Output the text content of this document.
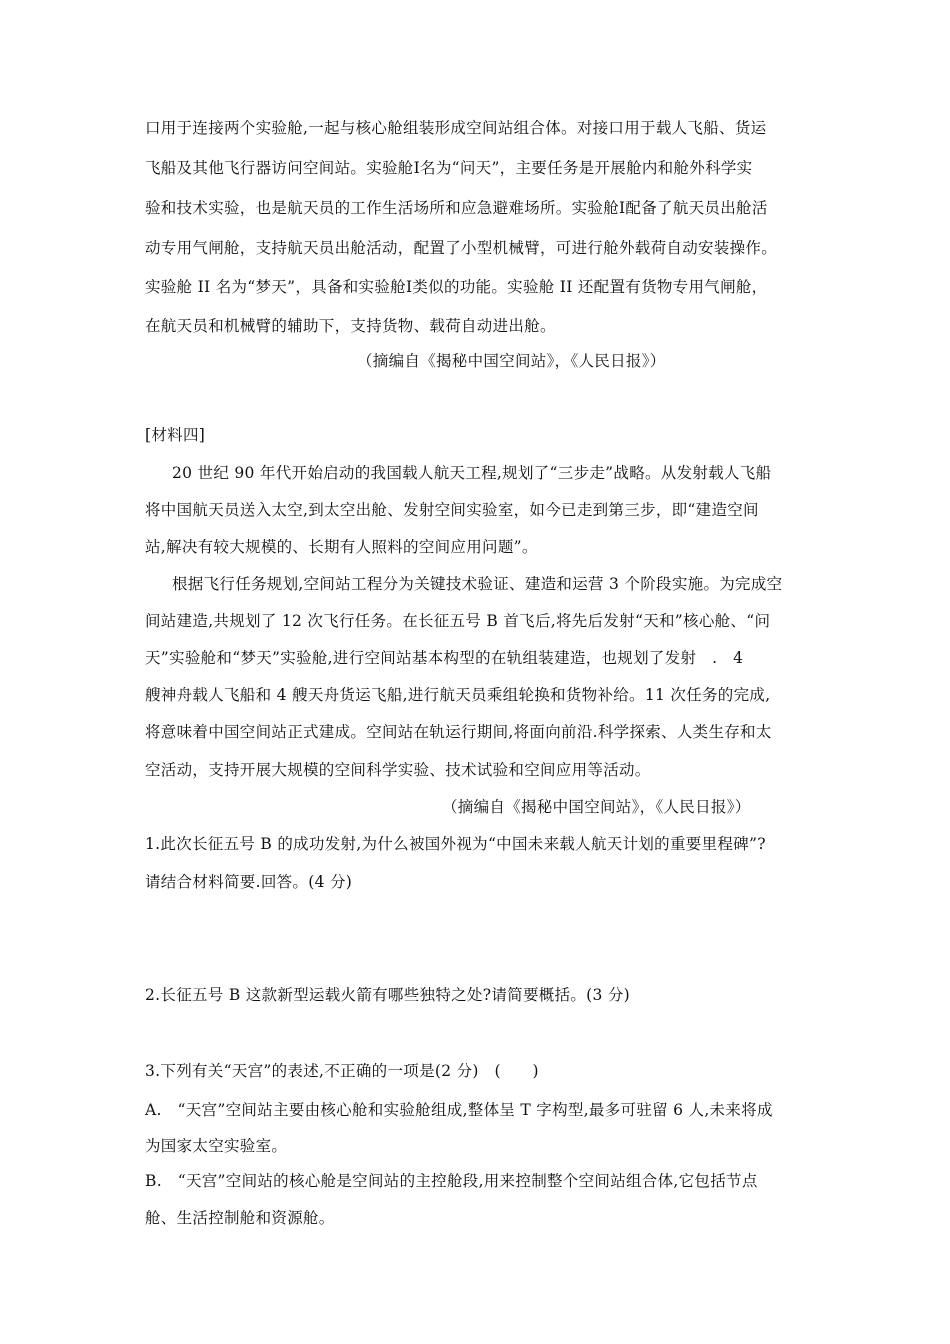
口用于连接两个实验舱,一起与核心舱组装形成空间站组合体。对接口用于载人飞船、货运
飞船及其他飞行器访问空间站。实验舱Ⅰ名为“问天”，主要任务是开展舱内和舱外科学实
验和技术实验，也是航天员的工作生活场所和应急避难场所。实验舱Ⅰ配备了航天员出舱活
动专用气闸舱，支持航天员出舱活动，配置了小型机械臂，可进行舱外载荷自动安装操作。
实验舱 II 名为“梦天”，具备和实验舱Ⅰ类似的功能。实验舱 II 还配置有货物专用气闸舱，
在航天员和机械臂的辅助下，支持货物、载荷自动进出舱。
（摘编自《揭秘中国空间站》，《人民日报》）
[材料四]
20 世纪 90 年代开始启动的我国载人航天工程,规划了“三步走”战略。从发射载人飞船
将中国航天员送入太空,到太空出舱、发射空间实验室，如今已走到第三步，即“建造空间
站,解决有较大规模的、长期有人照料的空间应用问题”。
根据飞行任务规划,空间站工程分为关键技术验证、建造和运营 3 个阶段实施。为完成空
间站建造,共规划了 12 次飞行任务。在长征五号 B 首飞后,将先后发射“天和”核心舱、“问
天”实验舱和“梦天”实验舱,进行空间站基本构型的在轨组装建造，也规划了发射　.　4
艘神舟载人飞船和 4 艘天舟货运飞船,进行航天员乘组轮换和货物补给。11 次任务的完成,
将意味着中国空间站正式建成。空间站在轨运行期间,将面向前沿.科学探索、人类生存和太
空活动，支持开展大规模的空间科学实验、技术试验和空间应用等活动。
（摘编自《揭秘中国空间站》，《人民日报》）
1.此次长征五号 B 的成功发射,为什么被国外视为“中国未来载人航天计划的重要里程碑”?
请结合材料简要.回答。(4 分)
2.长征五号 B 这款新型运载火箭有哪些独特之处?请简要概括。(3 分)
3.下列有关“天宫”的表述,不正确的一项是(2 分)　(　　)
A.　“天宫”空间站主要由核心舱和实验舱组成,整体呈 T 字构型,最多可驻留 6 人,未来将成
为国家太空实验室。
B.　“天宫”空间站的核心舱是空间站的主控舱段,用来控制整个空间站组合体,它包括节点
舱、生活控制舱和资源舱。
